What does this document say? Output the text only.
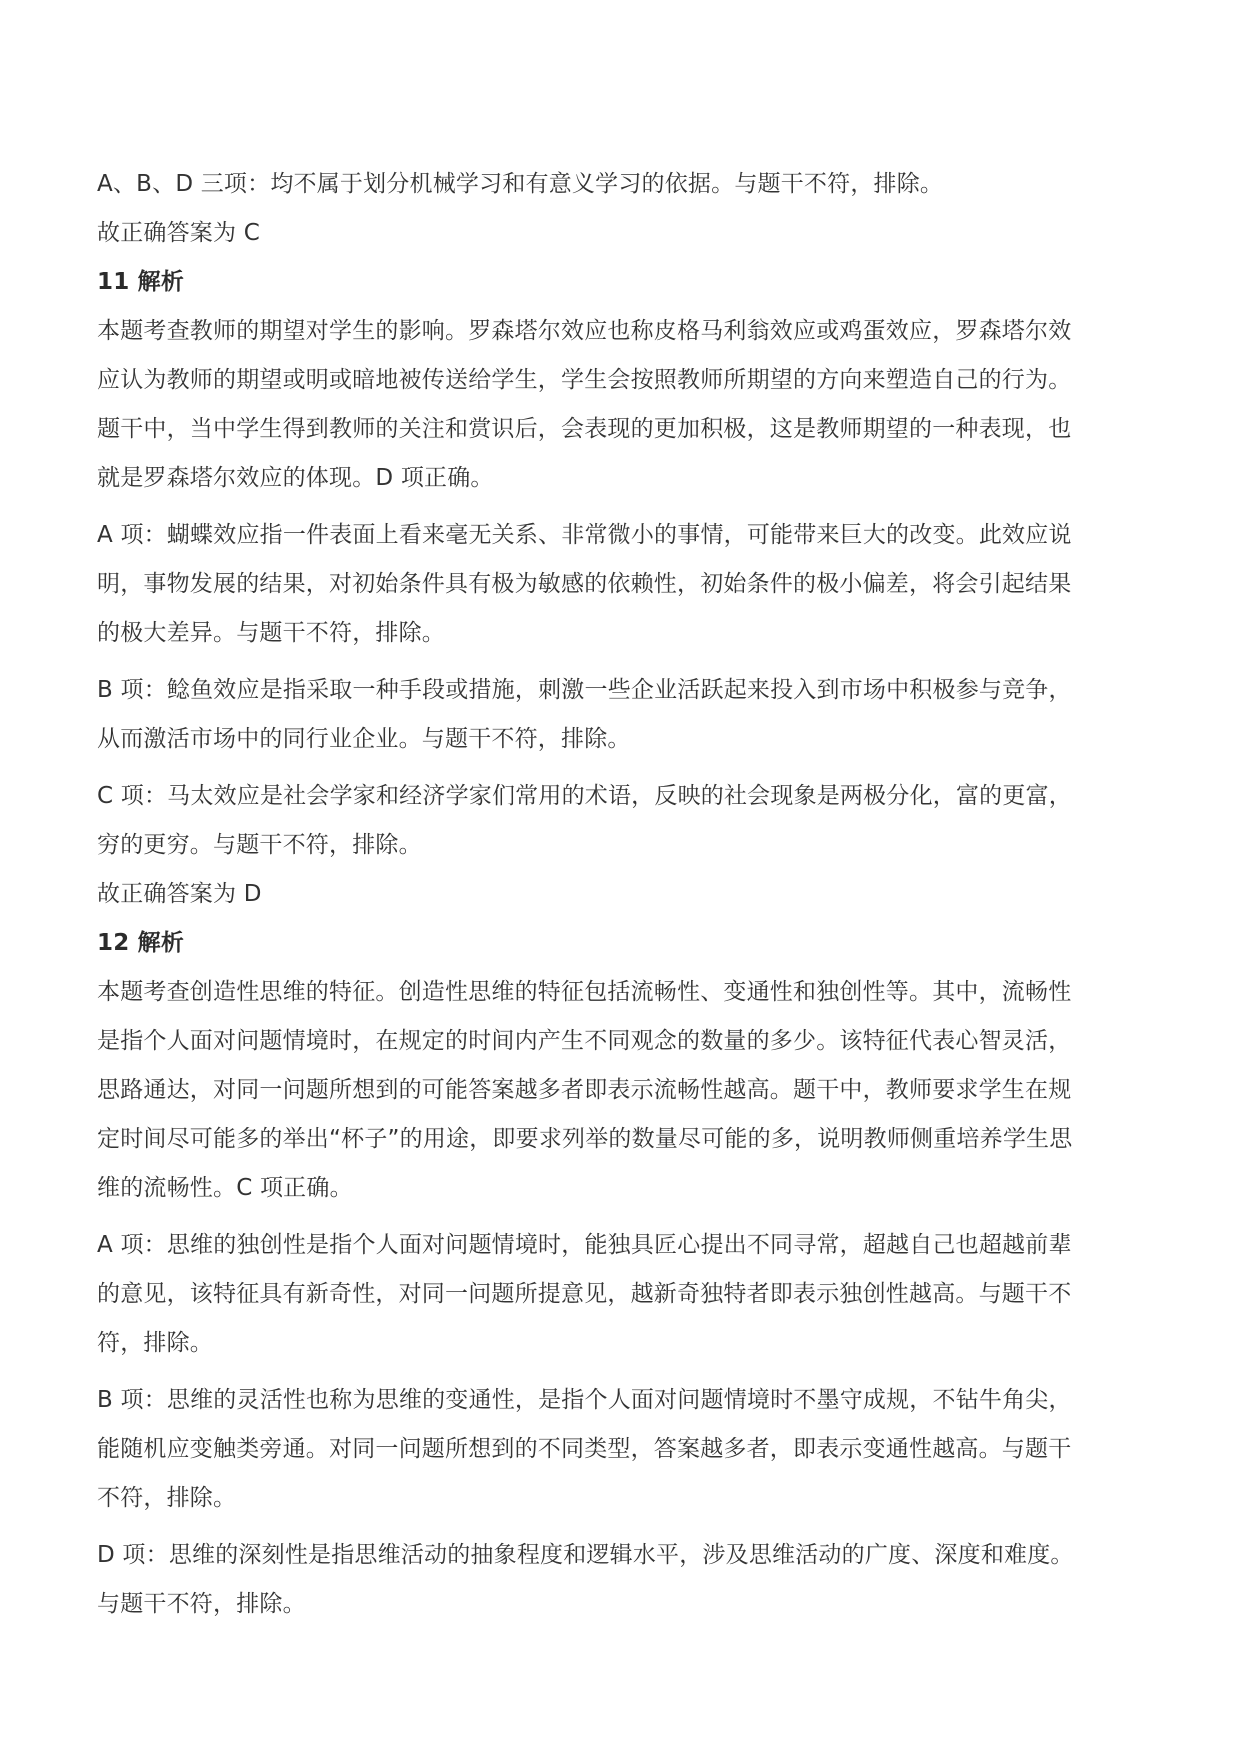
A、B、D 三项：均不属于划分机械学习和有意义学习的依据。与题干不符，排除。
故正确答案为 C
11 解析
本题考查教师的期望对学生的影响。罗森塔尔效应也称皮格马利翁效应或鸡蛋效应，罗森塔尔效
应认为教师的期望或明或暗地被传送给学生，学生会按照教师所期望的方向来塑造自己的行为。
题干中，当中学生得到教师的关注和赏识后，会表现的更加积极，这是教师期望的一种表现，也
就是罗森塔尔效应的体现。D 项正确。
A 项：蝴蝶效应指一件表面上看来毫无关系、非常微小的事情，可能带来巨大的改变。此效应说
明，事物发展的结果，对初始条件具有极为敏感的依赖性，初始条件的极小偏差，将会引起结果
的极大差异。与题干不符，排除。
B 项：鲶鱼效应是指采取一种手段或措施，刺激一些企业活跃起来投入到市场中积极参与竞争，
从而激活市场中的同行业企业。与题干不符，排除。
C 项：马太效应是社会学家和经济学家们常用的术语，反映的社会现象是两极分化，富的更富，
穷的更穷。与题干不符，排除。
故正确答案为 D
12 解析
本题考查创造性思维的特征。创造性思维的特征包括流畅性、变通性和独创性等。其中，流畅性
是指个人面对问题情境时，在规定的时间内产生不同观念的数量的多少。该特征代表心智灵活，
思路通达，对同一问题所想到的可能答案越多者即表示流畅性越高。题干中，教师要求学生在规
定时间尽可能多的举出“杯子”的用途，即要求列举的数量尽可能的多，说明教师侧重培养学生思
维的流畅性。C 项正确。
A 项：思维的独创性是指个人面对问题情境时，能独具匠心提出不同寻常，超越自己也超越前辈
的意见，该特征具有新奇性，对同一问题所提意见，越新奇独特者即表示独创性越高。与题干不
符，排除。
B 项：思维的灵活性也称为思维的变通性，是指个人面对问题情境时不墨守成规，不钻牛角尖，
能随机应变触类旁通。对同一问题所想到的不同类型，答案越多者，即表示变通性越高。与题干
不符，排除。
D 项：思维的深刻性是指思维活动的抽象程度和逻辑水平，涉及思维活动的广度、深度和难度。
与题干不符，排除。
